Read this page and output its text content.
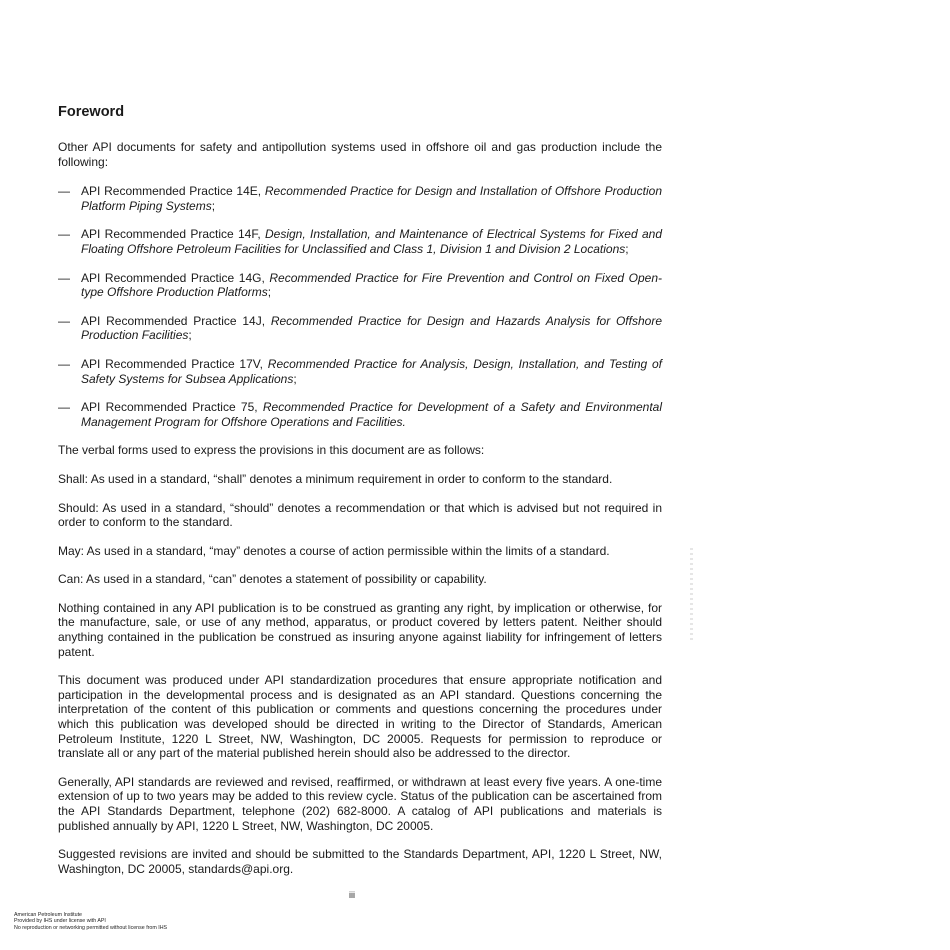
Foreword

Other API documents for safety and antipollution systems used in offshore oil and gas production include the following:

— API Recommended Practice 14E, Recommended Practice for Design and Installation of Offshore Production Platform Piping Systems;
— API Recommended Practice 14F, Design, Installation, and Maintenance of Electrical Systems for Fixed and Floating Offshore Petroleum Facilities for Unclassified and Class 1, Division 1 and Division 2 Locations;
— API Recommended Practice 14G, Recommended Practice for Fire Prevention and Control on Fixed Open-type Offshore Production Platforms;
— API Recommended Practice 14J, Recommended Practice for Design and Hazards Analysis for Offshore Production Facilities;
— API Recommended Practice 17V, Recommended Practice for Analysis, Design, Installation, and Testing of Safety Systems for Subsea Applications;
— API Recommended Practice 75, Recommended Practice for Development of a Safety and Environmental Management Program for Offshore Operations and Facilities.

The verbal forms used to express the provisions in this document are as follows:

Shall: As used in a standard, “shall” denotes a minimum requirement in order to conform to the standard.

Should: As used in a standard, “should” denotes a recommendation or that which is advised but not required in order to conform to the standard.

May: As used in a standard, “may” denotes a course of action permissible within the limits of a standard.

Can: As used in a standard, “can” denotes a statement of possibility or capability.

Nothing contained in any API publication is to be construed as granting any right, by implication or otherwise, for the manufacture, sale, or use of any method, apparatus, or product covered by letters patent. Neither should anything contained in the publication be construed as insuring anyone against liability for infringement of letters patent.

This document was produced under API standardization procedures that ensure appropriate notification and participation in the developmental process and is designated as an API standard. Questions concerning the interpretation of the content of this publication or comments and questions concerning the procedures under which this publication was developed should be directed in writing to the Director of Standards, American Petroleum Institute, 1220 L Street, NW, Washington, DC 20005. Requests for permission to reproduce or translate all or any part of the material published herein should also be addressed to the director.

Generally, API standards are reviewed and revised, reaffirmed, or withdrawn at least every five years. A one-time extension of up to two years may be added to this review cycle. Status of the publication can be ascertained from the API Standards Department, telephone (202) 682-8000. A catalog of API publications and materials is published annually by API, 1220 L Street, NW, Washington, DC 20005.

Suggested revisions are invited and should be submitted to the Standards Department, API, 1220 L Street, NW, Washington, DC 20005, standards@api.org.

iii
American Petroleum Institute
Provided by IHS under license with API
No reproduction or networking permitted without license from IHS
